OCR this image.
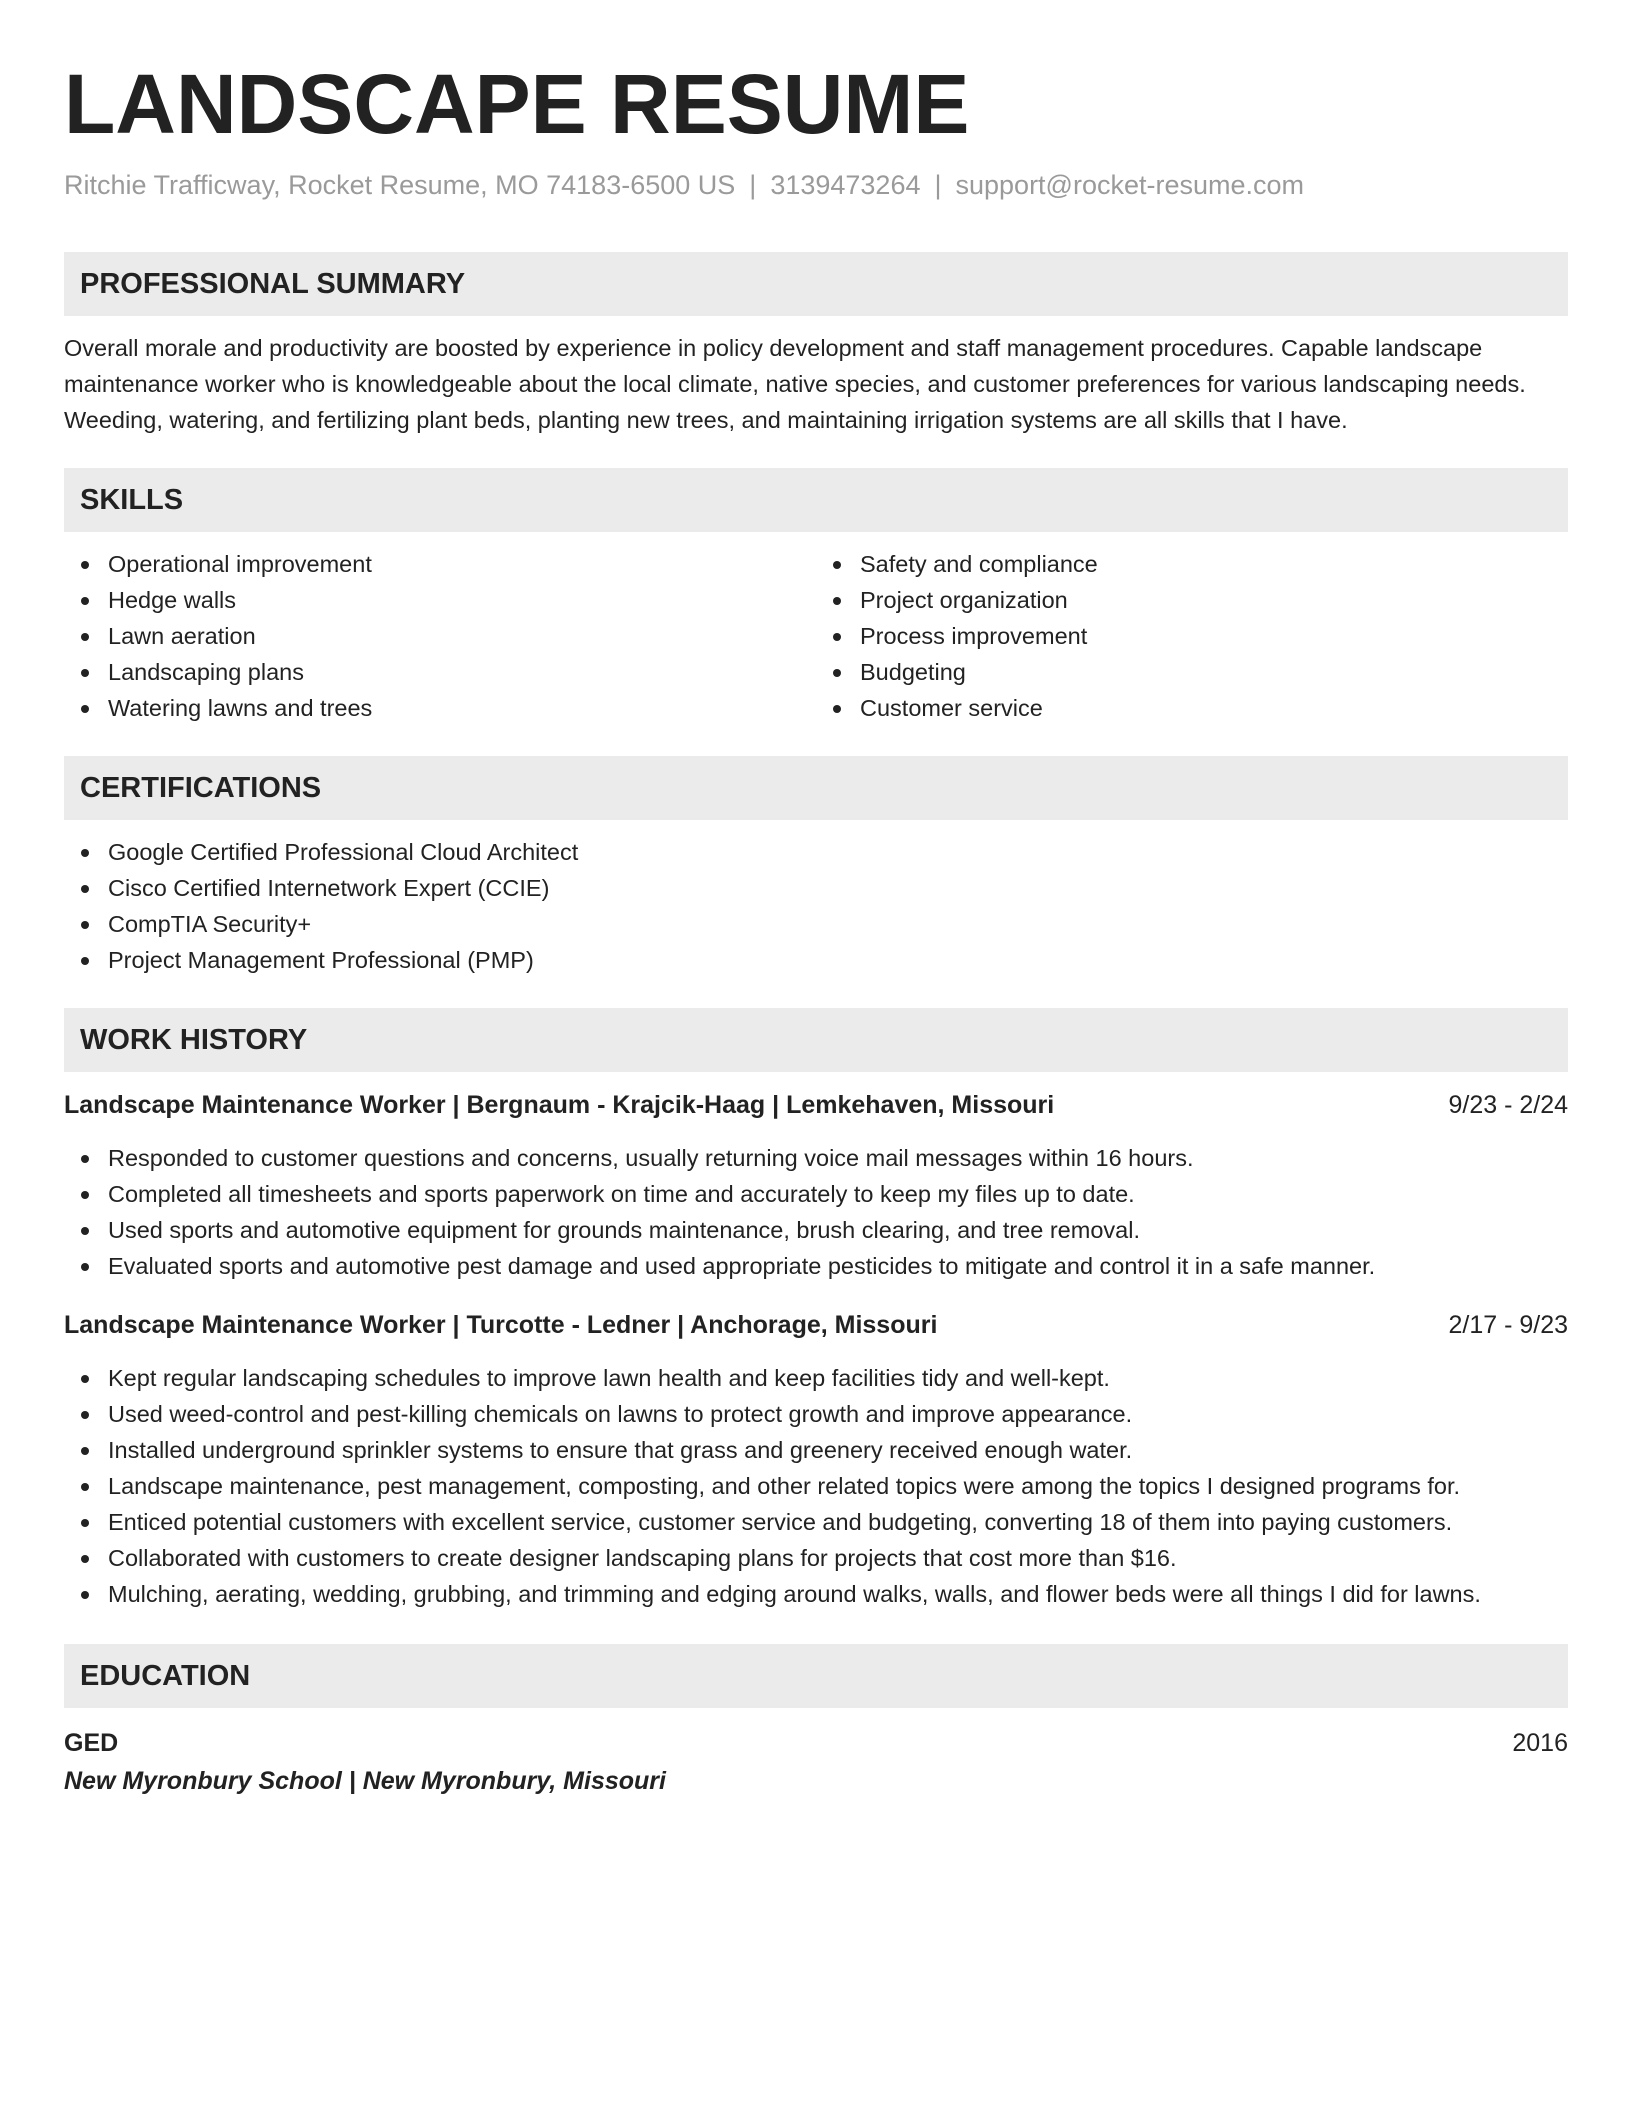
LANDSCAPE RESUME
Ritchie Trafficway, Rocket Resume, MO 74183-6500 US | 3139473264 | support@rocket-resume.com
PROFESSIONAL SUMMARY

Overall morale and productivity are boosted by experience in policy development and staff management procedures. Capable landscape maintenance worker who is knowledgeable about the local climate, native species, and customer preferences for various landscaping needs. Weeding, watering, and fertilizing plant beds, planting new trees, and maintaining irrigation systems are all skills that I have.

SKILLS
Operational improvement
Hedge walls
Lawn aeration
Landscaping plans
Watering lawns and trees
Safety and compliance
Project organization
Process improvement
Budgeting
Customer service
CERTIFICATIONS
Google Certified Professional Cloud Architect
Cisco Certified Internetwork Expert (CCIE)
CompTIA Security+
Project Management Professional (PMP)
WORK HISTORY
Landscape Maintenance Worker | Bergnaum - Krajcik-Haag | Lemkehaven, Missouri	9/23 - 2/24
Responded to customer questions and concerns, usually returning voice mail messages within 16 hours.
Completed all timesheets and sports paperwork on time and accurately to keep my files up to date.
Used sports and automotive equipment for grounds maintenance, brush clearing, and tree removal.
Evaluated sports and automotive pest damage and used appropriate pesticides to mitigate and control it in a safe manner.
Landscape Maintenance Worker | Turcotte - Ledner | Anchorage, Missouri	2/17 - 9/23
Kept regular landscaping schedules to improve lawn health and keep facilities tidy and well-kept.
Used weed-control and pest-killing chemicals on lawns to protect growth and improve appearance.
Installed underground sprinkler systems to ensure that grass and greenery received enough water.
Landscape maintenance, pest management, composting, and other related topics were among the topics I designed programs for.
Enticed potential customers with excellent service, customer service and budgeting, converting 18 of them into paying customers.
Collaborated with customers to create designer landscaping plans for projects that cost more than $16.
Mulching, aerating, wedding, grubbing, and trimming and edging around walks, walls, and flower beds were all things I did for lawns.
EDUCATION
GED	2016
New Myronbury School | New Myronbury, Missouri
